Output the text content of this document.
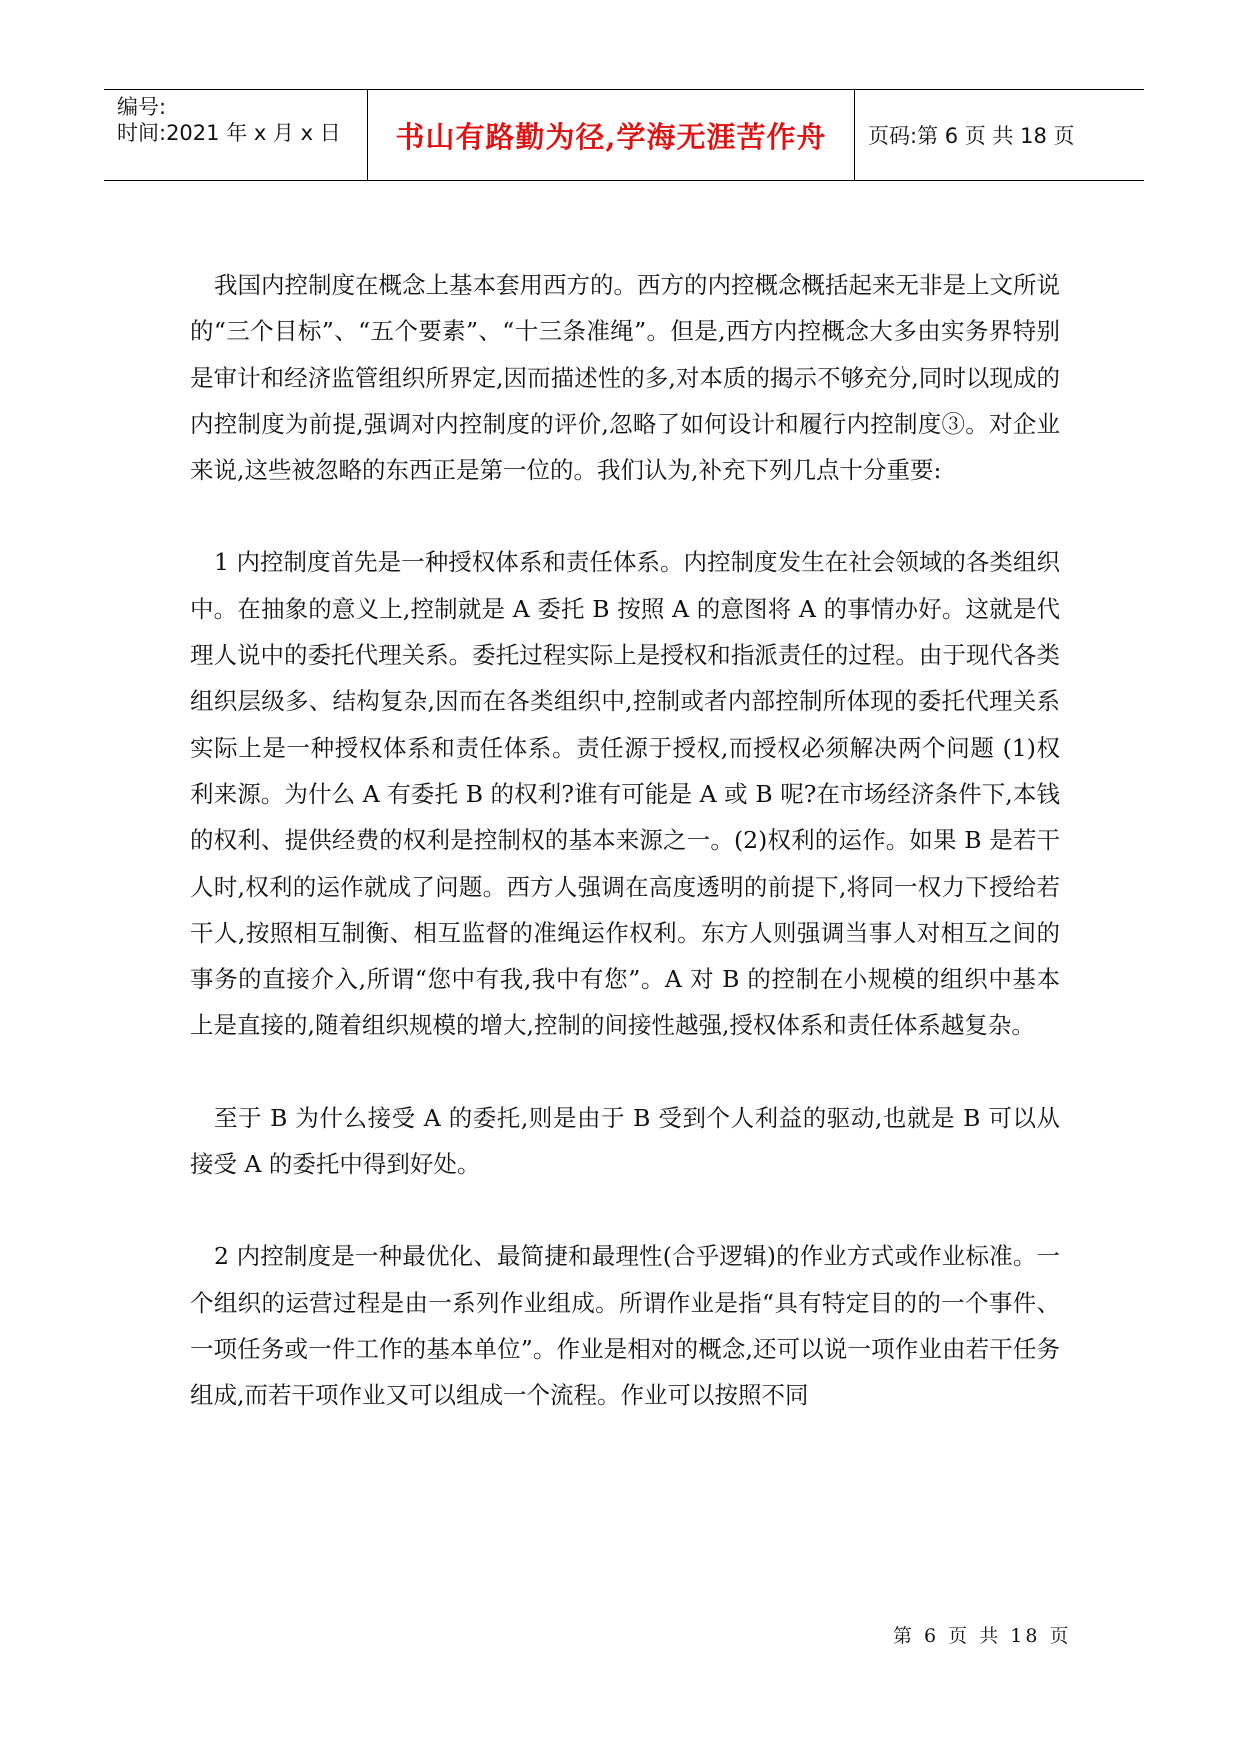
编号:
时间:2021 年 x 月 x 日	书山有路勤为径,学海无涯苦作舟 页码:第 6 页 共 18 页

我国内控制度在概念上基本套用西方的。西方的内控概念概括起来无非是上文所说的“三个目标”、“五个要素”、“十三条准绳”。但是,西方内控概念大多由实务界特别是审计和经济监管组织所界定,因而描述性的多,对本质的揭示不够充分,同时以现成的内控制度为前提,强调对内控制度的评价,忽略了如何设计和履行内控制度③。对企业来说,这些被忽略的东西正是第一位的。我们认为,补充下列几点十分重要:

1 内控制度首先是一种授权体系和责任体系。内控制度发生在社会领域的各类组织中。在抽象的意义上,控制就是 A 委托 B 按照 A 的意图将 A 的事情办好。这就是代理人说中的委托代理关系。委托过程实际上是授权和指派责任的过程。由于现代各类组织层级多、结构复杂,因而在各类组织中,控制或者内部控制所体现的委托代理关系实际上是一种授权体系和责任体系。责任源于授权,而授权必须解决两个问题 (1)权利来源。为什么 A 有委托 B 的权利?谁有可能是 A 或 B 呢?在市场经济条件下,本钱的权利、提供经费的权利是控制权的基本来源之一。(2)权利的运作。如果 B 是若干人时,权利的运作就成了问题。西方人强调在高度透明的前提下,将同一权力下授给若干人,按照相互制衡、相互监督的准绳运作权利。东方人则强调当事人对相互之间的事务的直接介入,所谓“您中有我,我中有您”。A 对 B 的控制在小规模的组织中基本上是直接的,随着组织规模的增大,控制的间接性越强,授权体系和责任体系越复杂。

至于 B 为什么接受 A 的委托,则是由于 B 受到个人利益的驱动,也就是 B 可以从接受 A 的委托中得到好处。

2 内控制度是一种最优化、最简捷和最理性(合乎逻辑)的作业方式或作业标准。一个组织的运营过程是由一系列作业组成。所谓作业是指“具有特定目的的一个事件、一项任务或一件工作的基本单位”。作业是相对的概念,还可以说一项作业由若干任务组成,而若干项作业又可以组成一个流程。作业可以按照不同

第 6 页 共 18 页
